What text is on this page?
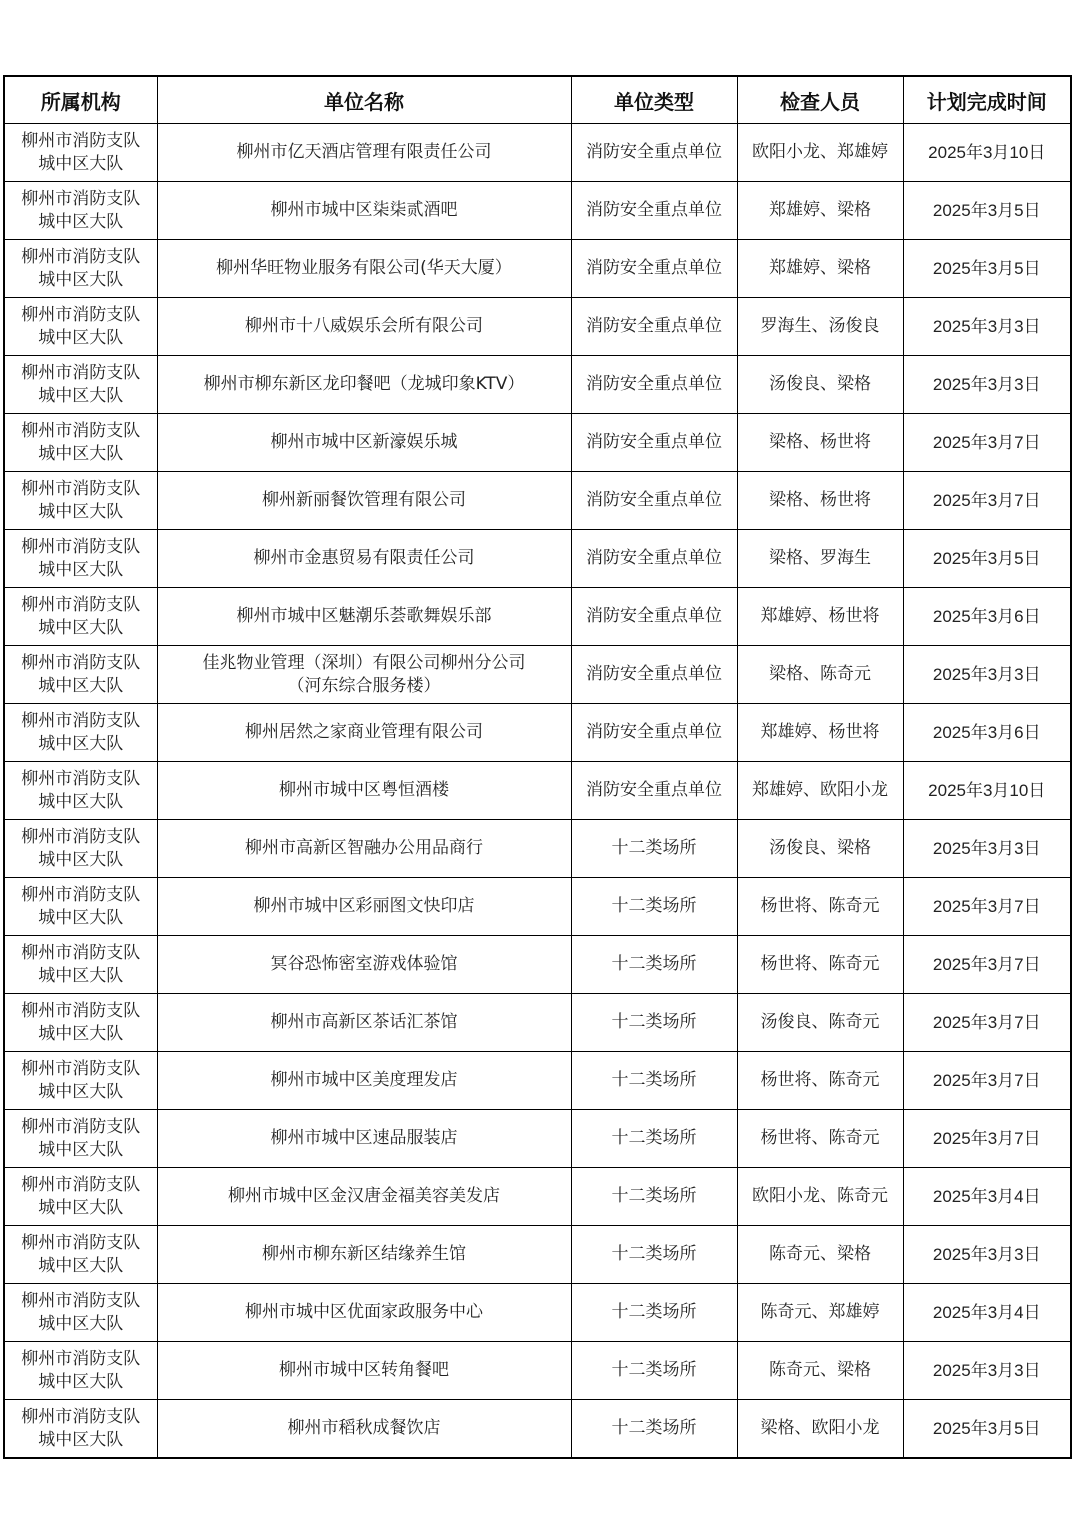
所属机构	单位名称	单位类型	检查人员	计划完成时间

柳州市消防支队
城中区大队	柳州市亿天酒店管理有限责任公司	消防安全重点单位	欧阳小龙、郑雄婷	2025年3月10日

柳州市消防支队
城中区大队	柳州市城中区柒柒贰酒吧	消防安全重点单位	郑雄婷、梁格	2025年3月5日

柳州市消防支队
城中区大队	柳州华旺物业服务有限公司(华天大厦）	消防安全重点单位	郑雄婷、梁格	2025年3月5日

柳州市消防支队
城中区大队	柳州市十八威娱乐会所有限公司	消防安全重点单位	罗海生、汤俊良	2025年3月3日

柳州市消防支队
城中区大队	柳州市柳东新区龙印餐吧（龙城印象KTV）	消防安全重点单位	汤俊良、梁格	2025年3月3日

柳州市消防支队
城中区大队	柳州市城中区新濠娱乐城	消防安全重点单位	梁格、杨世将	2025年3月7日

柳州市消防支队
城中区大队	柳州新丽餐饮管理有限公司	消防安全重点单位	梁格、杨世将	2025年3月7日

柳州市消防支队
城中区大队	柳州市金惠贸易有限责任公司	消防安全重点单位	梁格、罗海生	2025年3月5日

柳州市消防支队
城中区大队	柳州市城中区魅潮乐荟歌舞娱乐部	消防安全重点单位	郑雄婷、杨世将	2025年3月6日

柳州市消防支队
城中区大队	佳兆物业管理（深圳）有限公司柳州分公司
（河东综合服务楼）	消防安全重点单位	梁格、陈奇元	2025年3月3日

柳州市消防支队
城中区大队	柳州居然之家商业管理有限公司	消防安全重点单位	郑雄婷、杨世将	2025年3月6日

柳州市消防支队
城中区大队	柳州市城中区粤恒酒楼	消防安全重点单位	郑雄婷、欧阳小龙	2025年3月10日

柳州市消防支队
城中区大队	柳州市高新区智融办公用品商行	十二类场所	汤俊良、梁格	2025年3月3日

柳州市消防支队
城中区大队	柳州市城中区彩丽图文快印店	十二类场所	杨世将、陈奇元	2025年3月7日

柳州市消防支队
城中区大队	冥谷恐怖密室游戏体验馆	十二类场所	杨世将、陈奇元	2025年3月7日

柳州市消防支队
城中区大队	柳州市高新区茶话汇茶馆	十二类场所	汤俊良、陈奇元	2025年3月7日

柳州市消防支队
城中区大队	柳州市城中区美度理发店	十二类场所	杨世将、陈奇元	2025年3月7日

柳州市消防支队
城中区大队	柳州市城中区速品服装店	十二类场所	杨世将、陈奇元	2025年3月7日

柳州市消防支队
城中区大队	柳州市城中区金汉唐金福美容美发店	十二类场所	欧阳小龙、陈奇元	2025年3月4日

柳州市消防支队
城中区大队	柳州市柳东新区结缘养生馆	十二类场所	陈奇元、梁格	2025年3月3日

柳州市消防支队
城中区大队	柳州市城中区优面家政服务中心	十二类场所	陈奇元、郑雄婷	2025年3月4日

柳州市消防支队
城中区大队	柳州市城中区转角餐吧	十二类场所	陈奇元、梁格	2025年3月3日

柳州市消防支队
城中区大队	柳州市稻秋成餐饮店	十二类场所	梁格、欧阳小龙	2025年3月5日
